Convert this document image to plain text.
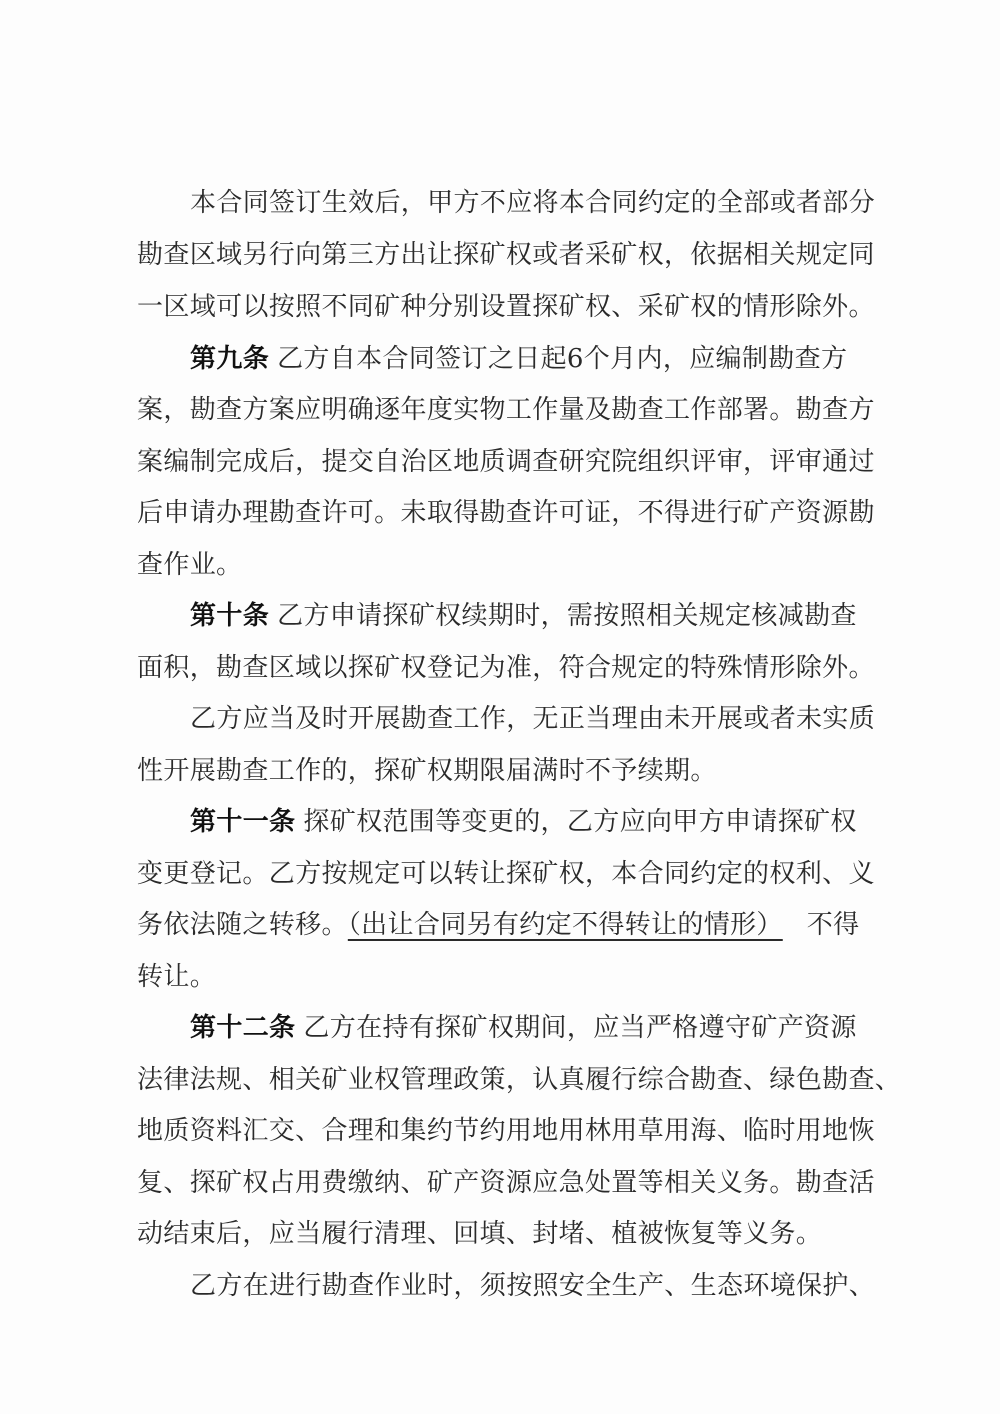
本合同签订生效后，甲方不应将本合同约定的全部或者部分
勘查区域另行向第三方出让探矿权或者采矿权，依据相关规定同
一区域可以按照不同矿种分别设置探矿权、采矿权的情形除外。
第九条 乙方自本合同签订之日起6个月内，应编制勘查方
案，勘查方案应明确逐年度实物工作量及勘查工作部署。勘查方
案编制完成后，提交自治区地质调查研究院组织评审，评审通过
后申请办理勘查许可。未取得勘查许可证，不得进行矿产资源勘
查作业。
第十条 乙方申请探矿权续期时，需按照相关规定核减勘查
面积，勘查区域以探矿权登记为准，符合规定的特殊情形除外。
乙方应当及时开展勘查工作，无正当理由未开展或者未实质
性开展勘查工作的，探矿权期限届满时不予续期。
第十一条 探矿权范围等变更的，乙方应向甲方申请探矿权
变更登记。乙方按规定可以转让探矿权，本合同约定的权利、义
务依法随之转移。（出让合同另有约定不得转让的情形） 不得
转让。
第十二条 乙方在持有探矿权期间，应当严格遵守矿产资源
法律法规、相关矿业权管理政策，认真履行综合勘查、绿色勘查、
地质资料汇交、合理和集约节约用地用林用草用海、临时用地恢
复、探矿权占用费缴纳、矿产资源应急处置等相关义务。勘查活
动结束后，应当履行清理、回填、封堵、植被恢复等义务。
乙方在进行勘查作业时，须按照安全生产、生态环境保护、
